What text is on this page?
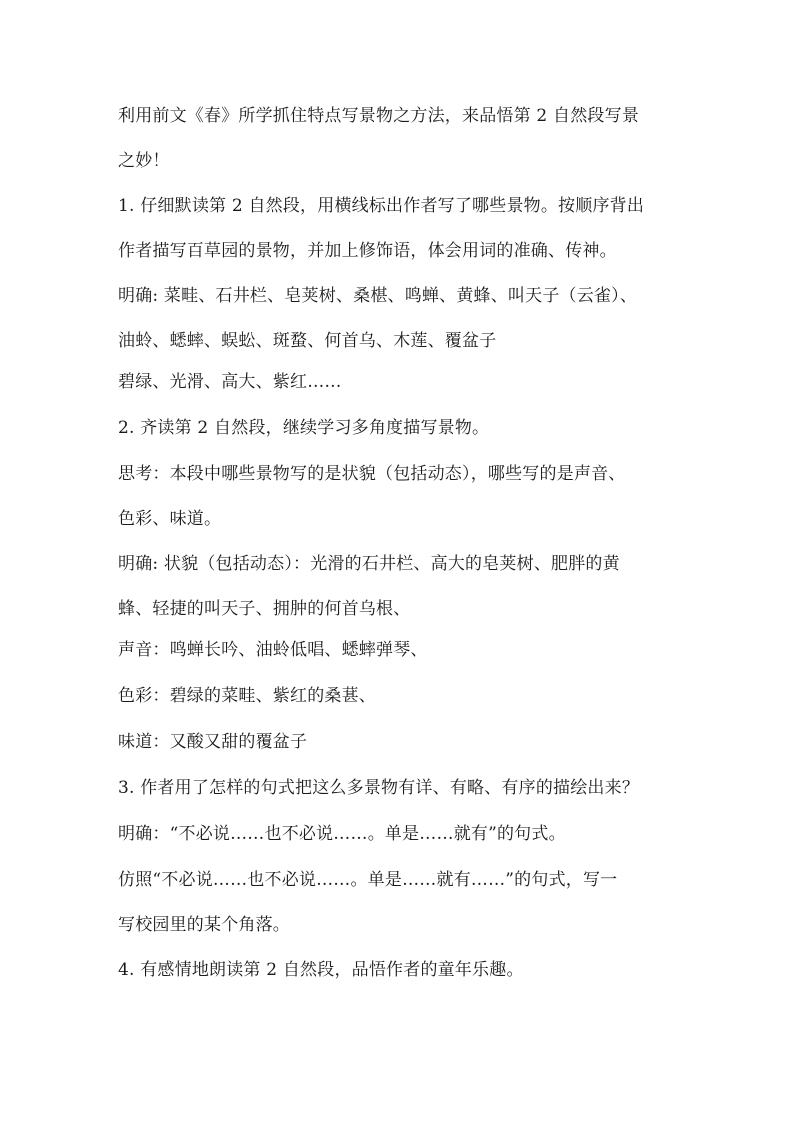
利用前文《春》所学抓住特点写景物之方法，来品悟第 2 自然段写景
之妙！

1. 仔细默读第 2 自然段，用横线标出作者写了哪些景物。按顺序背出
作者描写百草园的景物，并加上修饰语，体会用词的准确、传神。

明确: 菜畦、石井栏、皂荚树、桑椹、鸣蝉、黄蜂、叫天子（云雀）、
油蛉、蟋蟀、蜈蚣、斑蝥、何首乌、木莲、覆盆子

碧绿、光滑、高大、紫红……

2. 齐读第 2 自然段，继续学习多角度描写景物。

思考：本段中哪些景物写的是状貌（包括动态），哪些写的是声音、
色彩、味道。

明确: 状貌（包括动态）：光滑的石井栏、高大的皂荚树、肥胖的黄
蜂、轻捷的叫天子、拥肿的何首乌根、

声音：鸣蝉长吟、油蛉低唱、蟋蟀弹琴、

色彩：碧绿的菜畦、紫红的桑葚、

味道：又酸又甜的覆盆子

3. 作者用了怎样的句式把这么多景物有详、有略、有序的描绘出来？

明确：“不必说……也不必说……。单是……就有”的句式。

仿照“不必说……也不必说……。单是……就有……”的句式，写一
写校园里的某个角落。

4. 有感情地朗读第 2 自然段，品悟作者的童年乐趣。
